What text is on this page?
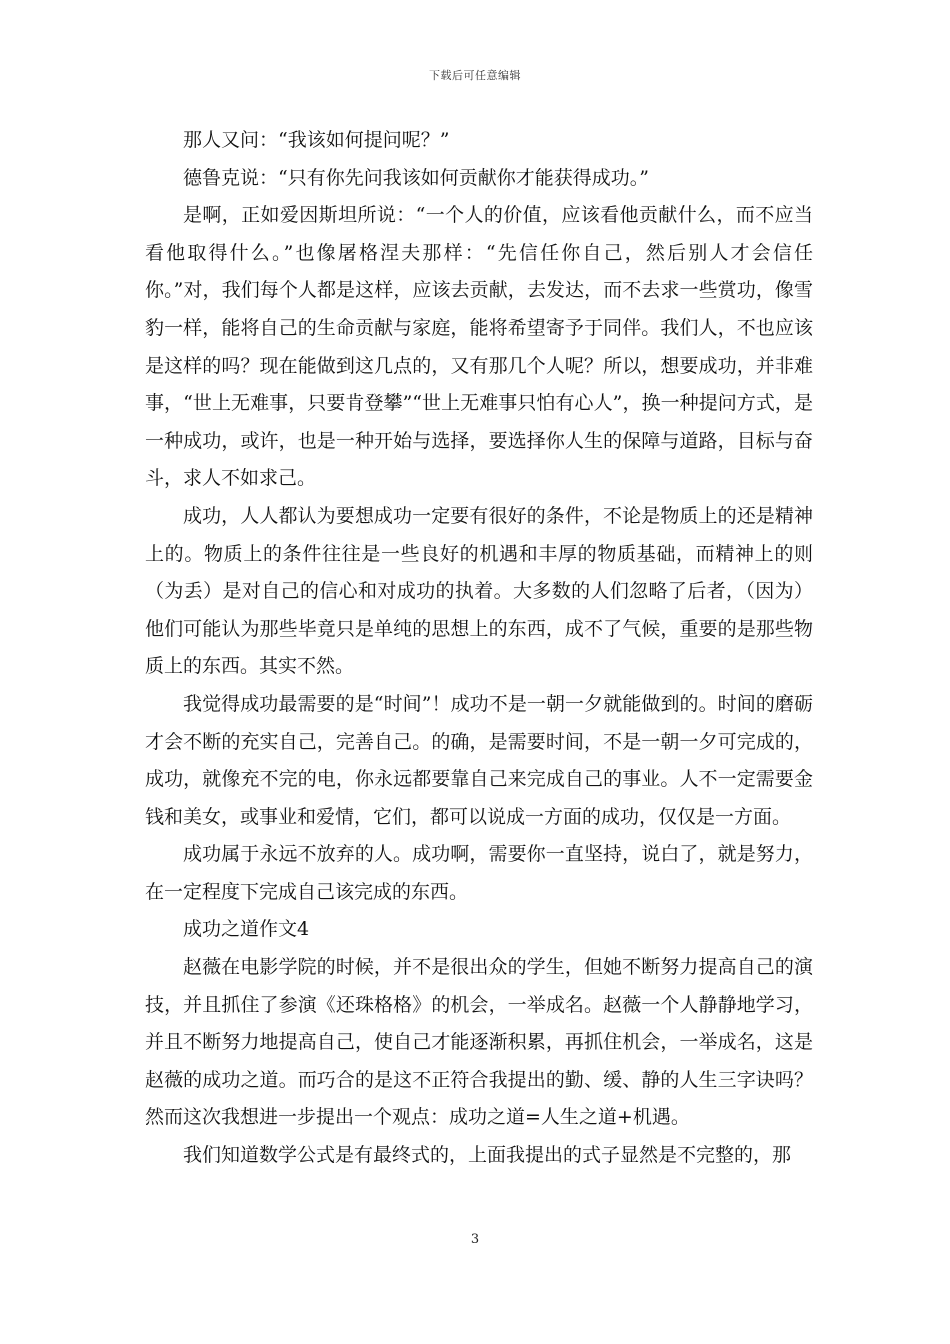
下载后可任意编辑

那人又问：“我该如何提问呢？”

德鲁克说：“只有你先问我该如何贡献你才能获得成功。”

是啊，正如爱因斯坦所说：“一个人的价值，应该看他贡献什么，而不应当看他取得什么。”也像屠格涅夫那样：“先信任你自己，然后别人才会信任你。”对，我们每个人都是这样，应该去贡献，去发达，而不去求一些赏功，像雪豹一样，能将自己的生命贡献与家庭，能将希望寄予于同伴。我们人，不也应该是这样的吗？现在能做到这几点的，又有那几个人呢？所以，想要成功，并非难事，“世上无难事，只要肯登攀”“世上无难事只怕有心人”，换一种提问方式，是一种成功，或许，也是一种开始与选择，要选择你人生的保障与道路，目标与奋斗，求人不如求己。

成功，人人都认为要想成功一定要有很好的条件，不论是物质上的还是精神上的。物质上的条件往往是一些良好的机遇和丰厚的物质基础，而精神上的则（为丢）是对自己的信心和对成功的执着。大多数的人们忽略了后者，（因为）他们可能认为那些毕竟只是单纯的思想上的东西，成不了气候，重要的是那些物质上的东西。其实不然。

我觉得成功最需要的是“时间”！成功不是一朝一夕就能做到的。时间的磨砺才会不断的充实自己，完善自己。的确，是需要时间，不是一朝一夕可完成的，成功，就像充不完的电，你永远都要靠自己来完成自己的事业。人不一定需要金钱和美女，或事业和爱情，它们，都可以说成一方面的成功，仅仅是一方面。

成功属于永远不放弃的人。成功啊，需要你一直坚持，说白了，就是努力，在一定程度下完成自己该完成的东西。

成功之道作文4

赵薇在电影学院的时候，并不是很出众的学生，但她不断努力提高自己的演技，并且抓住了参演《还珠格格》的机会，一举成名。赵薇一个人静静地学习，并且不断努力地提高自己，使自己才能逐渐积累，再抓住机会，一举成名，这是赵薇的成功之道。而巧合的是这不正符合我提出的勤、缓、静的人生三字诀吗？然而这次我想进一步提出一个观点：成功之道=人生之道+机遇。

我们知道数学公式是有最终式的，上面我提出的式子显然是不完整的，那

3
